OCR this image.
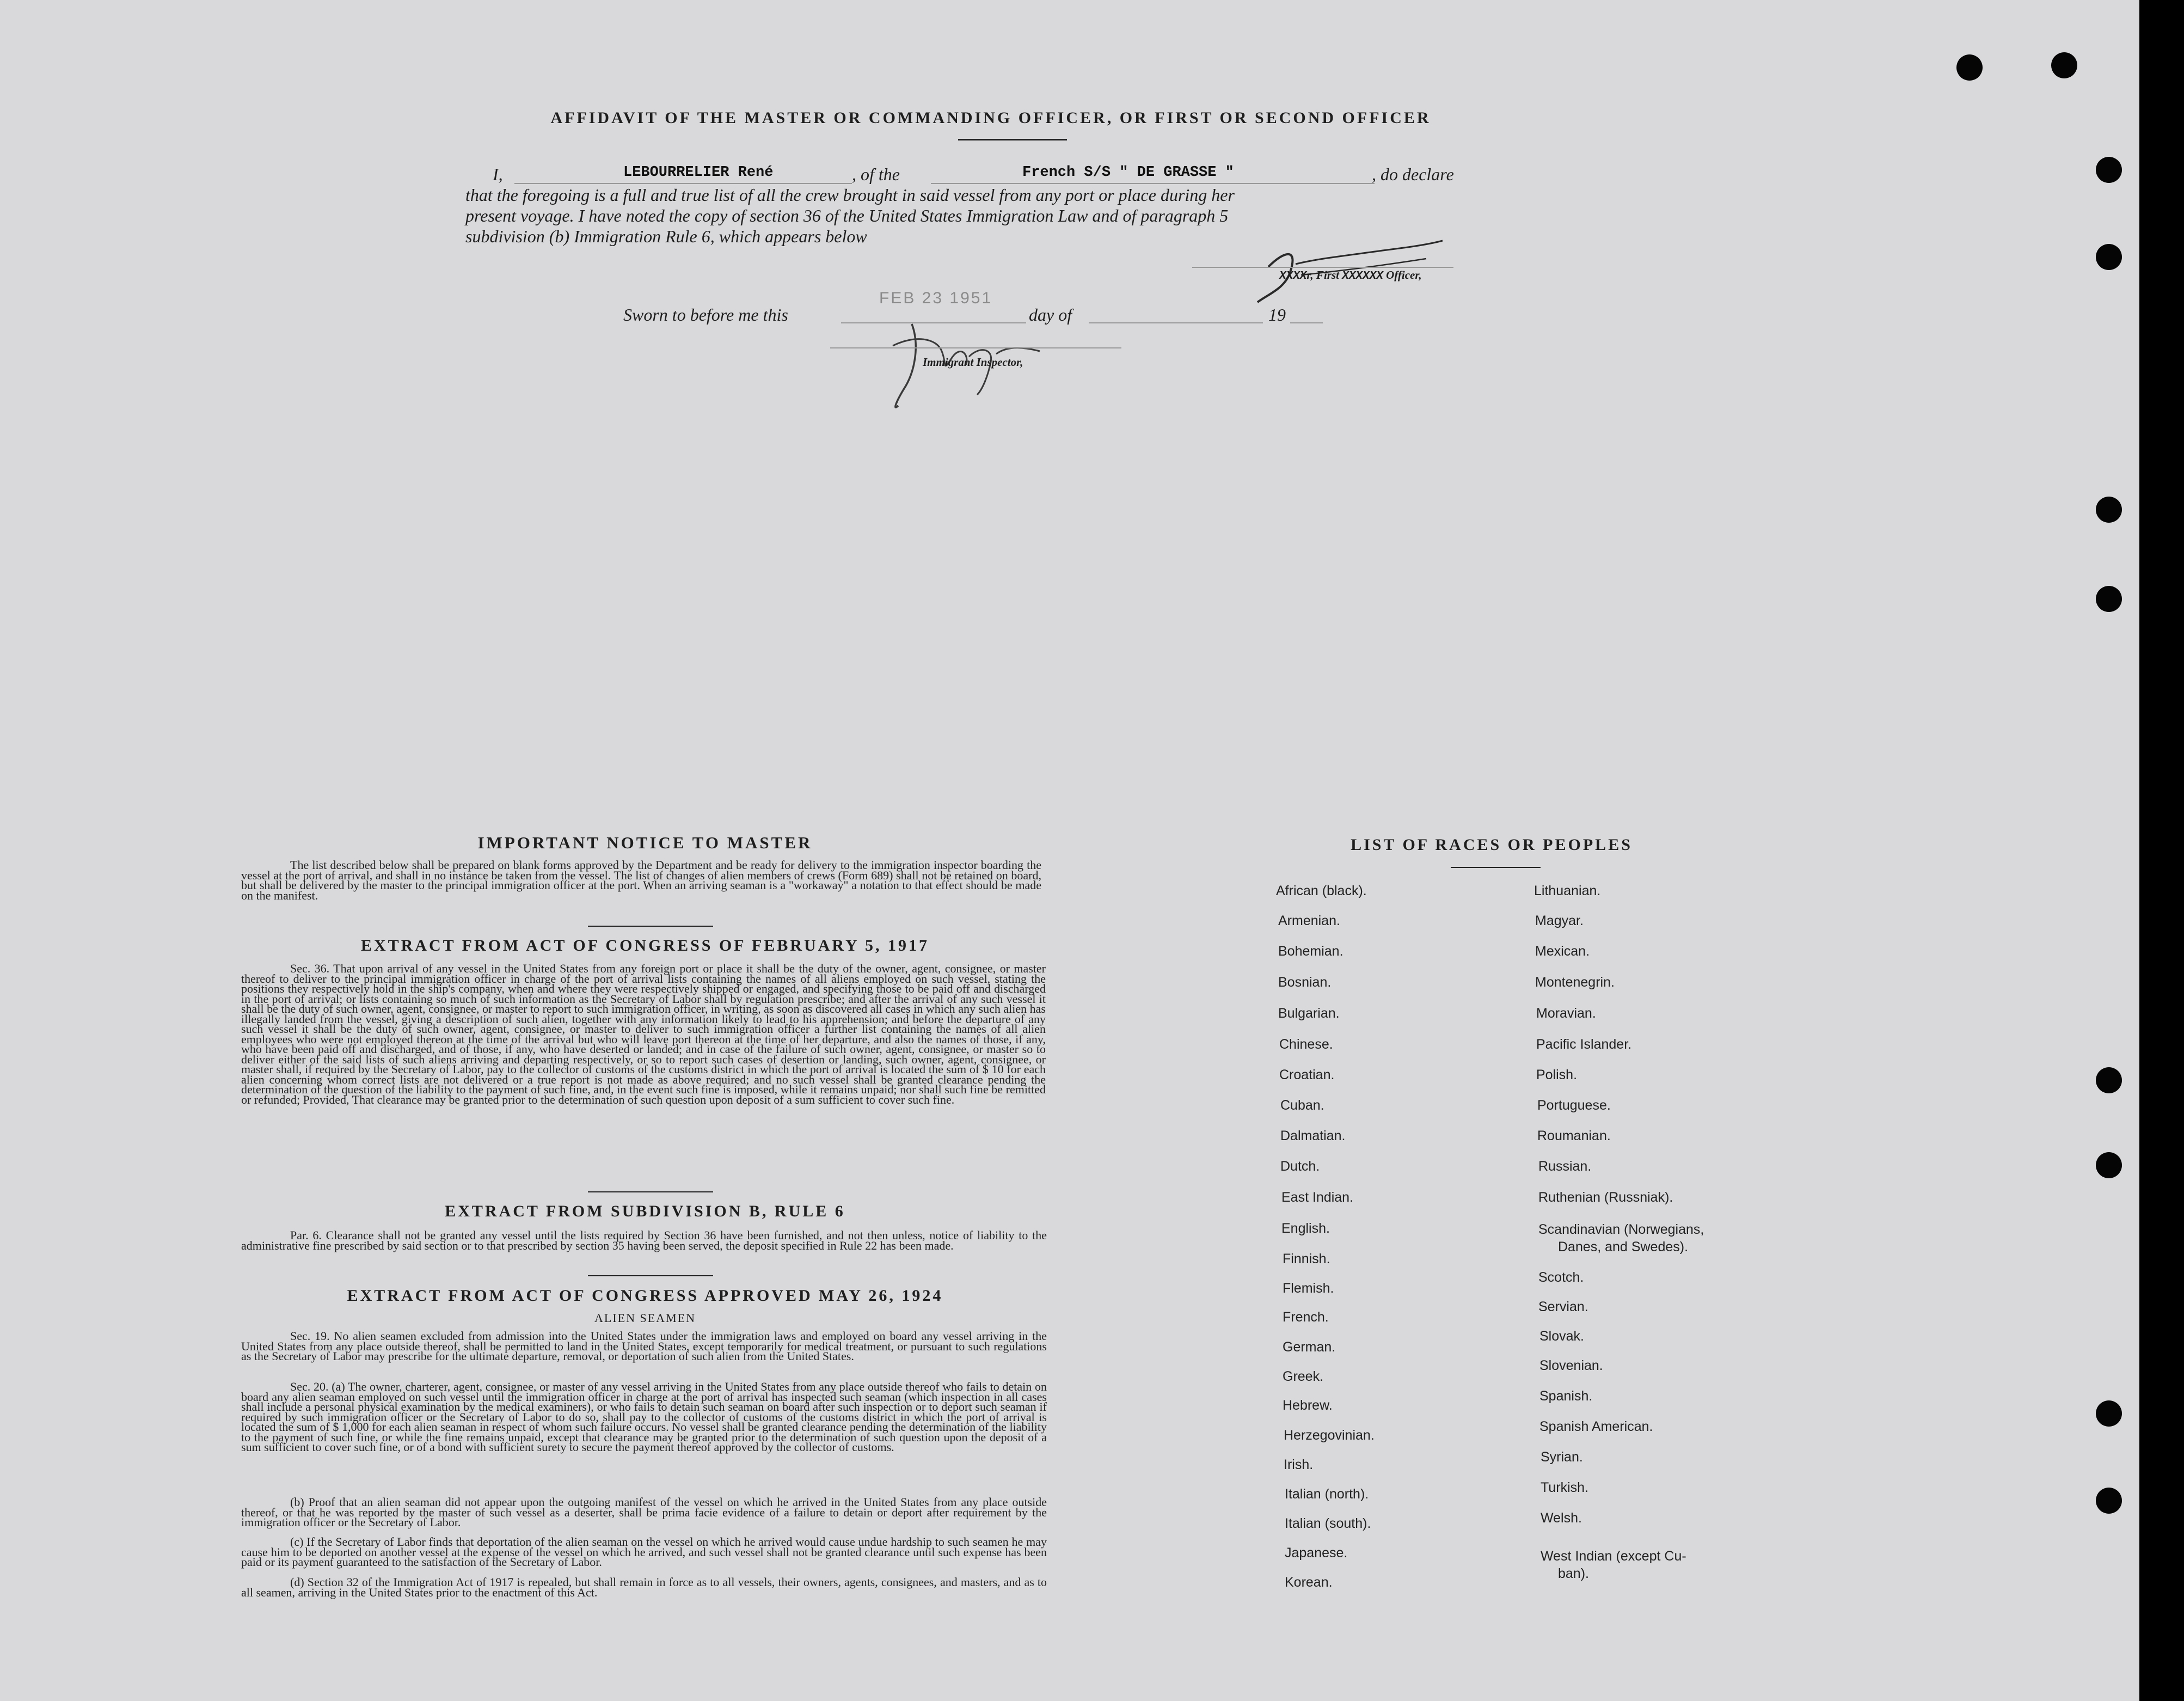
AFFIDAVIT OF THE MASTER OR COMMANDING OFFICER, OR FIRST OR SECOND OFFICER
I,	LEBOURRELIER René	, of the	French S/S " DE GRASSE "	, do declare
that the foregoing is a full and true list of all the crew brought in said vessel from any port or place during her
present voyage. I have noted the copy of section 36 of the United States Immigration Law and of paragraph 5
subdivision (b) Immigration Rule 6, which appears below
XXXXr, First XXXXXX Officer,
Sworn to before me this
FEB 23 1951
day of	19
Immigrant Inspector,
IMPORTANT NOTICE TO MASTER
The list described below shall be prepared on blank forms approved by the Department and be ready for delivery to the immigration inspector boarding the vessel at the port of arrival, and shall in no instance be taken from the vessel. The list of changes of alien members of crews (Form 689) shall not be retained on board, but shall be delivered by the master to the principal immigration officer at the port. When an arriving seaman is a "workaway" a notation to that effect should be made on the manifest.
EXTRACT FROM ACT OF CONGRESS OF FEBRUARY 5, 1917
Sec. 36. That upon arrival of any vessel in the United States from any foreign port or place it shall be the duty of the owner, agent, consignee, or master thereof to deliver to the principal immigration officer in charge of the port of arrival lists containing the names of all aliens employed on such vessel, stating the positions they respectively hold in the ship's company, when and where they were respectively shipped or engaged, and specifying those to be paid off and discharged in the port of arrival; or lists containing so much of such information as the Secretary of Labor shall by regulation prescribe; and after the arrival of any such vessel it shall be the duty of such owner, agent, consignee, or master to report to such immigration officer, in writing, as soon as discovered all cases in which any such alien has illegally landed from the vessel, giving a description of such alien, together with any information likely to lead to his apprehension; and before the departure of any such vessel it shall be the duty of such owner, agent, consignee, or master to deliver to such immigration officer a further list containing the names of all alien employees who were not employed thereon at the time of the arrival but who will leave port thereon at the time of her departure, and also the names of those, if any, who have been paid off and discharged, and of those, if any, who have deserted or landed; and in case of the failure of such owner, agent, consignee, or master so to deliver either of the said lists of such aliens arriving and departing respectively, or so to report such cases of desertion or landing, such owner, agent, consignee, or master shall, if required by the Secretary of Labor, pay to the collector of customs of the customs district in which the port of arrival is located the sum of $ 10 for each alien concerning whom correct lists are not delivered or a true report is not made as above required; and no such vessel shall be granted clearance pending the determination of the question of the liability to the payment of such fine, and, in the event such fine is imposed, while it remains unpaid; nor shall such fine be remitted or refunded; Provided, That clearance may be granted prior to the determination of such question upon deposit of a sum sufficient to cover such fine.
EXTRACT FROM SUBDIVISION B, RULE 6
Par. 6. Clearance shall not be granted any vessel until the lists required by Section 36 have been furnished, and not then unless, notice of liability to the administrative fine prescribed by said section or to that prescribed by section 35 having been served, the deposit specified in Rule 22 has been made.
EXTRACT FROM ACT OF CONGRESS APPROVED MAY 26, 1924
ALIEN SEAMEN
Sec. 19. No alien seamen excluded from admission into the United States under the immigration laws and employed on board any vessel arriving in the United States from any place outside thereof, shall be permitted to land in the United States, except temporarily for medical treatment, or pursuant to such regulations as the Secretary of Labor may prescribe for the ultimate departure, removal, or deportation of such alien from the United States.
Sec. 20. (a) The owner, charterer, agent, consignee, or master of any vessel arriving in the United States from any place outside thereof who fails to detain on board any alien seaman employed on such vessel until the immigration officer in charge at the port of arrival has inspected such seaman (which inspection in all cases shall include a personal physical examination by the medical examiners), or who fails to detain such seaman on board after such inspection or to deport such seaman if required by such immigration officer or the Secretary of Labor to do so, shall pay to the collector of customs of the customs district in which the port of arrival is located the sum of $ 1,000 for each alien seaman in respect of whom such failure occurs. No vessel shall be granted clearance pending the determination of the liability to the payment of such fine, or while the fine remains unpaid, except that clearance may be granted prior to the determination of such question upon the deposit of a sum sufficient to cover such fine, or of a bond with sufficient surety to secure the payment thereof approved by the collector of customs.
(b) Proof that an alien seaman did not appear upon the outgoing manifest of the vessel on which he arrived in the United States from any place outside thereof, or that he was reported by the master of such vessel as a deserter, shall be prima facie evidence of a failure to detain or deport after requirement by the immigration officer or the Secretary of Labor.
(c) If the Secretary of Labor finds that deportation of the alien seaman on the vessel on which he arrived would cause undue hardship to such seamen he may cause him to be deported on another vessel at the expense of the vessel on which he arrived, and such vessel shall not be granted clearance until such expense has been paid or its payment guaranteed to the satisfaction of the Secretary of Labor.
(d) Section 32 of the Immigration Act of 1917 is repealed, but shall remain in force as to all vessels, their owners, agents, consignees, and masters, and as to all seamen, arriving in the United States prior to the enactment of this Act.
LIST OF RACES OR PEOPLES
African (black).
Armenian.
Bohemian.
Bosnian.
Bulgarian.
Chinese.
Croatian.
Cuban.
Dalmatian.
Dutch.
East Indian.
English.
Finnish.
Flemish.
French.
German.
Greek.
Hebrew.
Herzegovinian.
Irish.
Italian (north).
Italian (south).
Japanese.
Korean.
Lithuanian.
Magyar.
Mexican.
Montenegrin.
Moravian.
Pacific Islander.
Polish.
Portuguese.
Roumanian.
Russian.
Ruthenian (Russniak).
Scandinavian (Norwegians,
Danes, and Swedes).
Scotch.
Servian.
Slovak.
Slovenian.
Spanish.
Spanish American.
Syrian.
Turkish.
Welsh.
West Indian (except Cu-
ban).
